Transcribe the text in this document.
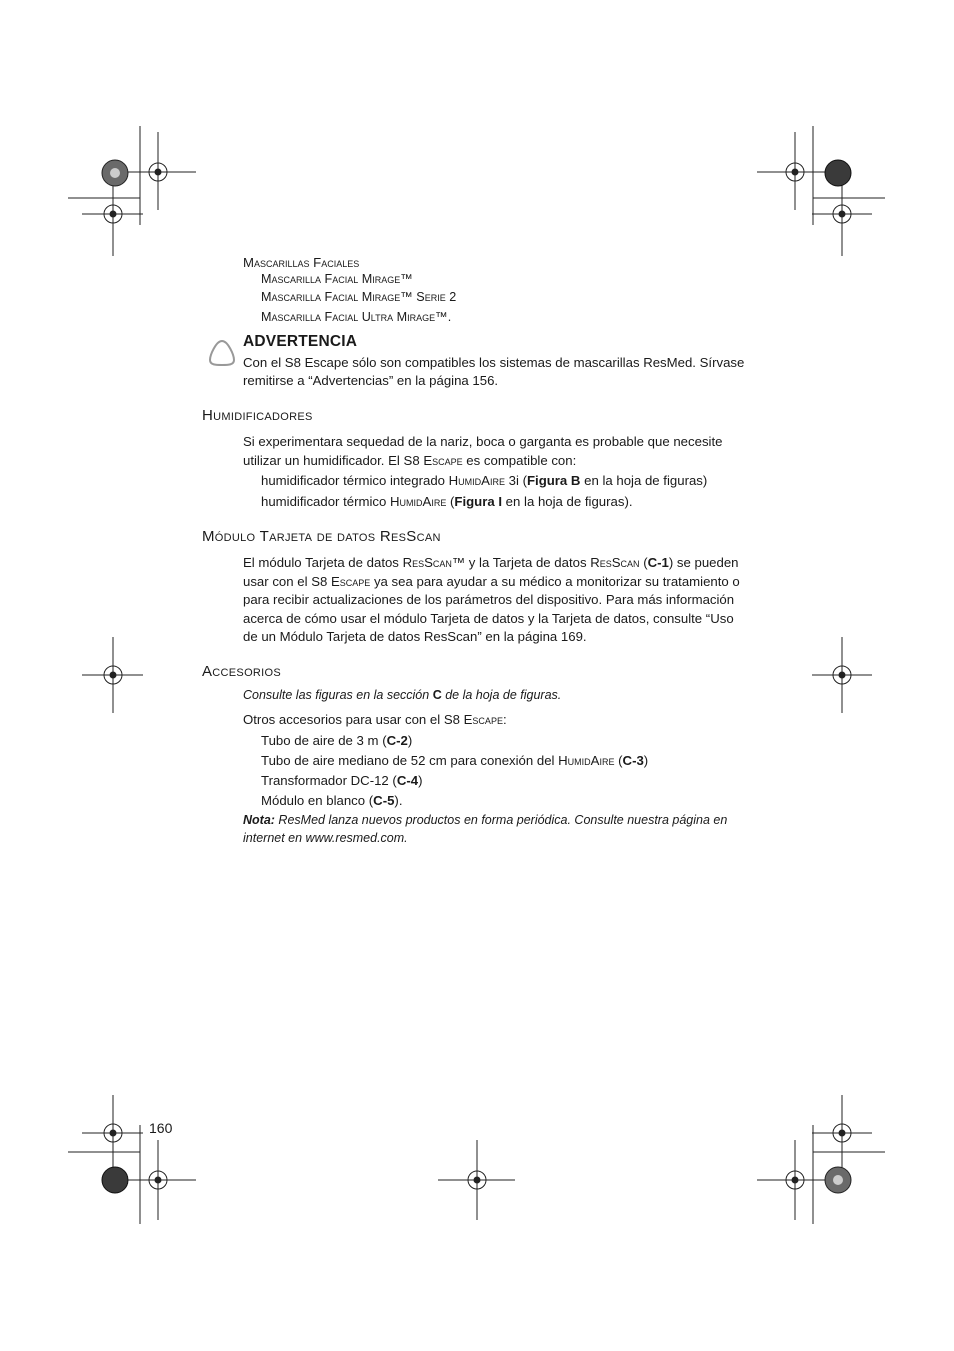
Mascarillas Faciales
Mascarilla Facial Mirage™
Mascarilla Facial Mirage™ Serie 2
Mascarilla Facial Ultra Mirage™.
ADVERTENCIA
Con el S8 Escape sólo son compatibles los sistemas de mascarillas ResMed. Sírvase
remitirse a “Advertencias” en la página 156.
Humidificadores
Si experimentara sequedad de la nariz, boca o garganta es probable que necesite
utilizar un humidificador. El S8 Escape es compatible con:
humidificador térmico integrado HumidAire 3i (Figura B en la hoja de figuras)
humidificador térmico HumidAire (Figura I en la hoja de figuras).
Módulo Tarjeta de datos ResScan
El módulo Tarjeta de datos ResScan™ y la Tarjeta de datos ResScan (C-1) se pueden
usar con el S8 Escape ya sea para ayudar a su médico a monitorizar su tratamiento o
para recibir actualizaciones de los parámetros del dispositivo. Para más información
acerca de cómo usar el módulo Tarjeta de datos y la Tarjeta de datos, consulte “Uso
de un Módulo Tarjeta de datos ResScan” en la página 169.
Accesorios
Consulte las figuras en la sección C de la hoja de figuras.
Otros accesorios para usar con el S8 Escape:
Tubo de aire de 3 m (C-2)
Tubo de aire mediano de 52 cm para conexión del HumidAire (C-3)
Transformador DC-12 (C-4)
Módulo en blanco (C-5).
Nota: ResMed lanza nuevos productos en forma periódica. Consulte nuestra página en
internet en www.resmed.com.
160
